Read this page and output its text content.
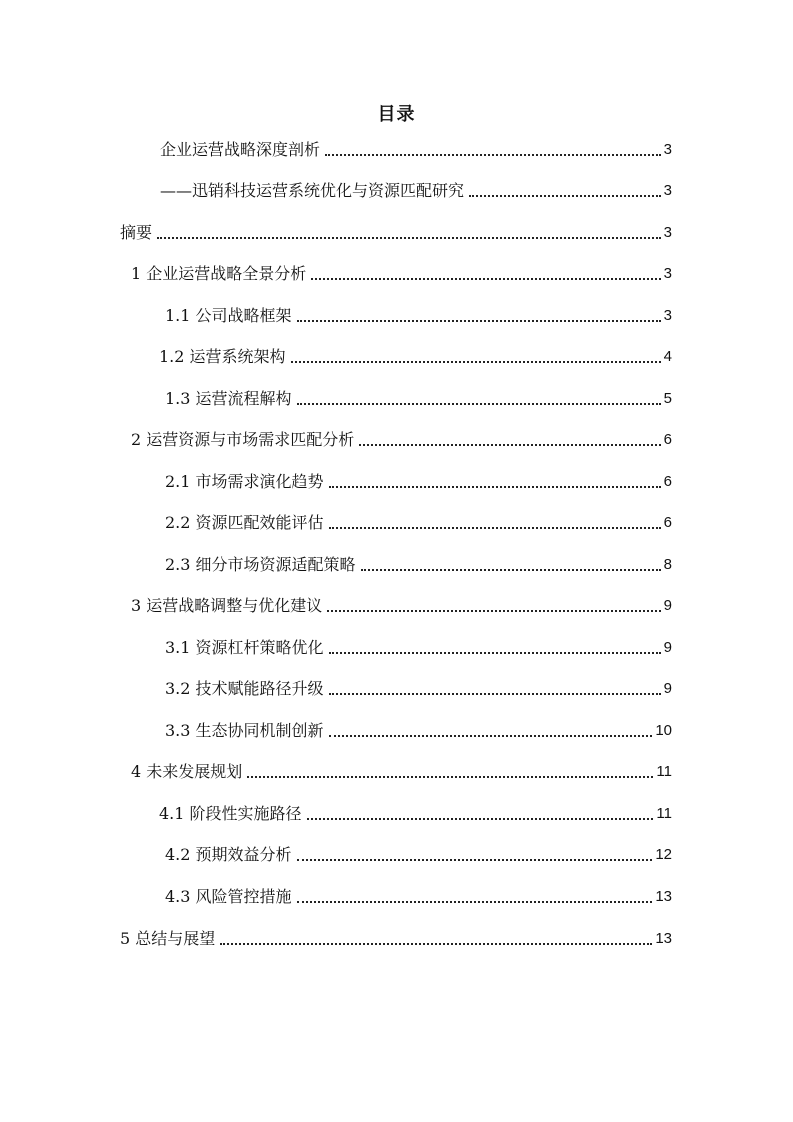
目录
企业运营战略深度剖析	3
——迅销科技运营系统优化与资源匹配研究	3
摘要	3
1 企业运营战略全景分析	3
1.1 公司战略框架	3
1.2 运营系统架构	4
1.3 运营流程解构	5
2 运营资源与市场需求匹配分析	6
2.1 市场需求演化趋势	6
2.2 资源匹配效能评估	6
2.3 细分市场资源适配策略	8
3 运营战略调整与优化建议	9
3.1 资源杠杆策略优化	9
3.2 技术赋能路径升级	9
3.3 生态协同机制创新	10
4 未来发展规划	11
4.1 阶段性实施路径	11
4.2 预期效益分析	12
4.3 风险管控措施	13
5 总结与展望	13
